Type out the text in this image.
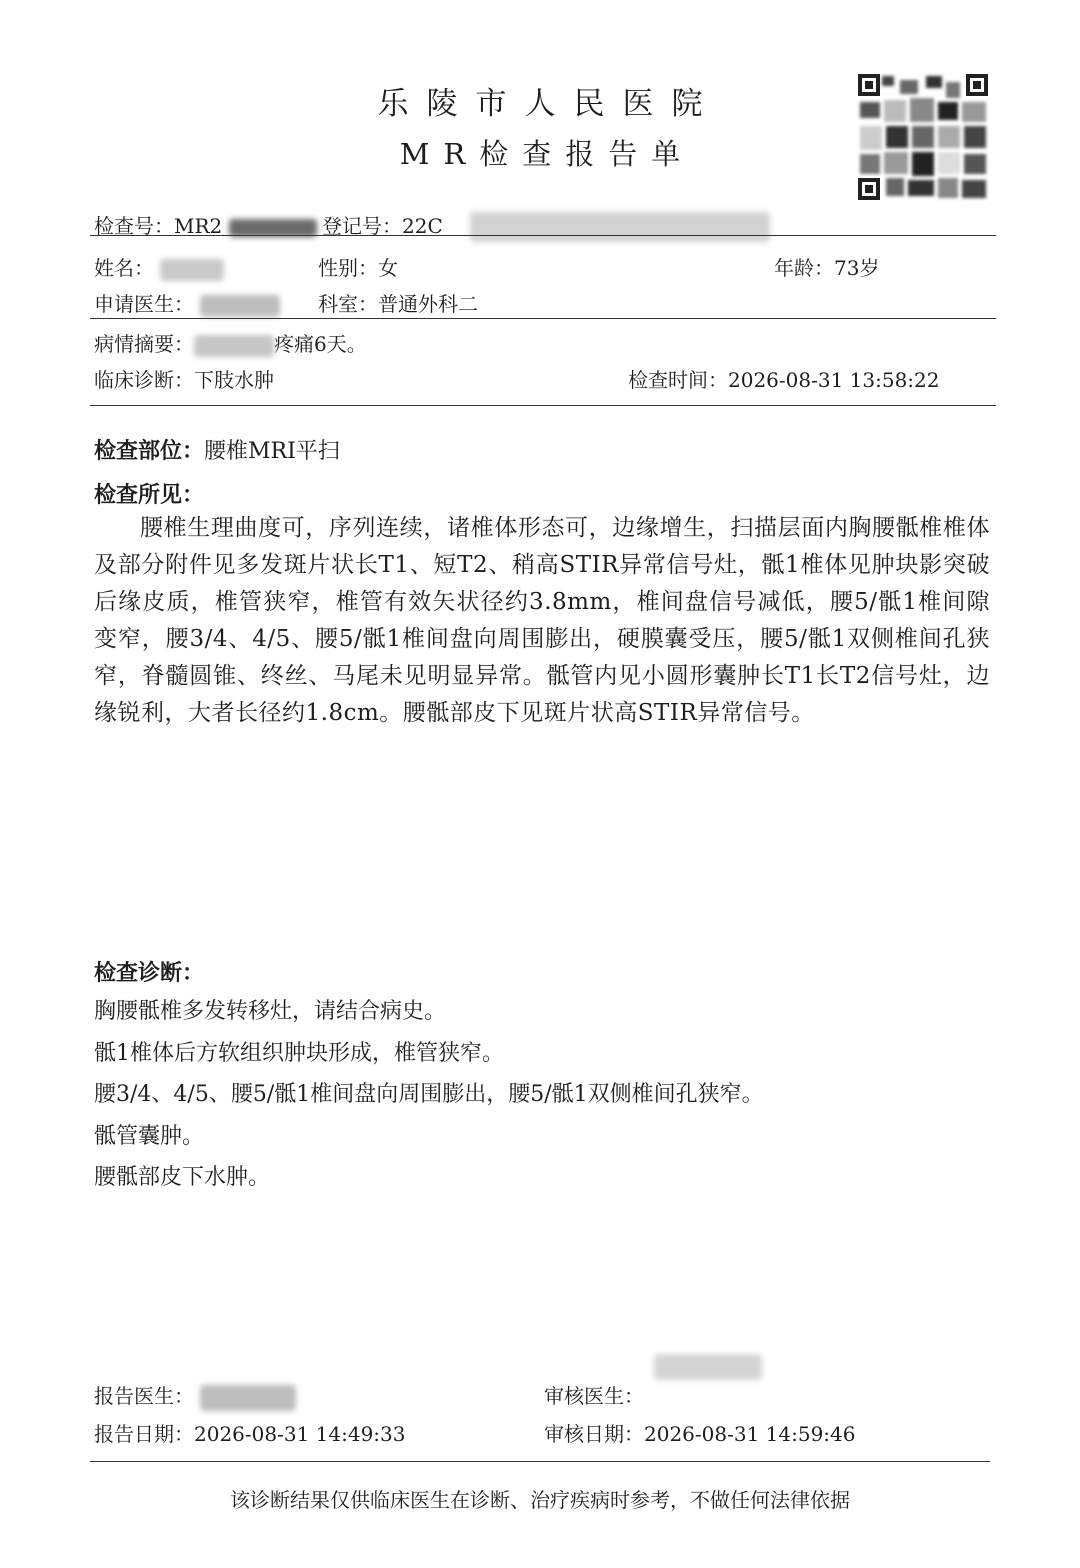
乐陵市人民医院
MR检查报告单
检查号：MR2	登记号：22C
姓名：	性别：女	年龄：73岁
申请医生：	科室：普通外科二
病情摘要：	疼痛6天。
临床诊断：下肢水肿	检查时间：2026-08-31 13:58:22
检查部位：腰椎MRI平扫
检查所见：

腰椎生理曲度可，序列连续，诸椎体形态可，边缘增生，扫描层面内胸腰骶椎椎体及部分附件见多发斑片状长T1、短T2、稍高STIR异常信号灶，骶1椎体见肿块影突破后缘皮质，椎管狭窄，椎管有效矢状径约3.8mm，椎间盘信号减低，腰5/骶1椎间隙变窄，腰3/4、4/5、腰5/骶1椎间盘向周围膨出，硬膜囊受压，腰5/骶1双侧椎间孔狭窄，脊髓圆锥、终丝、马尾未见明显异常。骶管内见小圆形囊肿长T1长T2信号灶，边缘锐利，大者长径约1.8cm。腰骶部皮下见斑片状高STIR异常信号。

检查诊断：
胸腰骶椎多发转移灶，请结合病史。
骶1椎体后方软组织肿块形成，椎管狭窄。
腰3/4、4/5、腰5/骶1椎间盘向周围膨出，腰5/骶1双侧椎间孔狭窄。
骶管囊肿。
腰骶部皮下水肿。
报告医生：	审核医生：
报告日期：2026-08-31 14:49:33	审核日期：2026-08-31 14:59:46
该诊断结果仅供临床医生在诊断、治疗疾病时参考，不做任何法律依据
